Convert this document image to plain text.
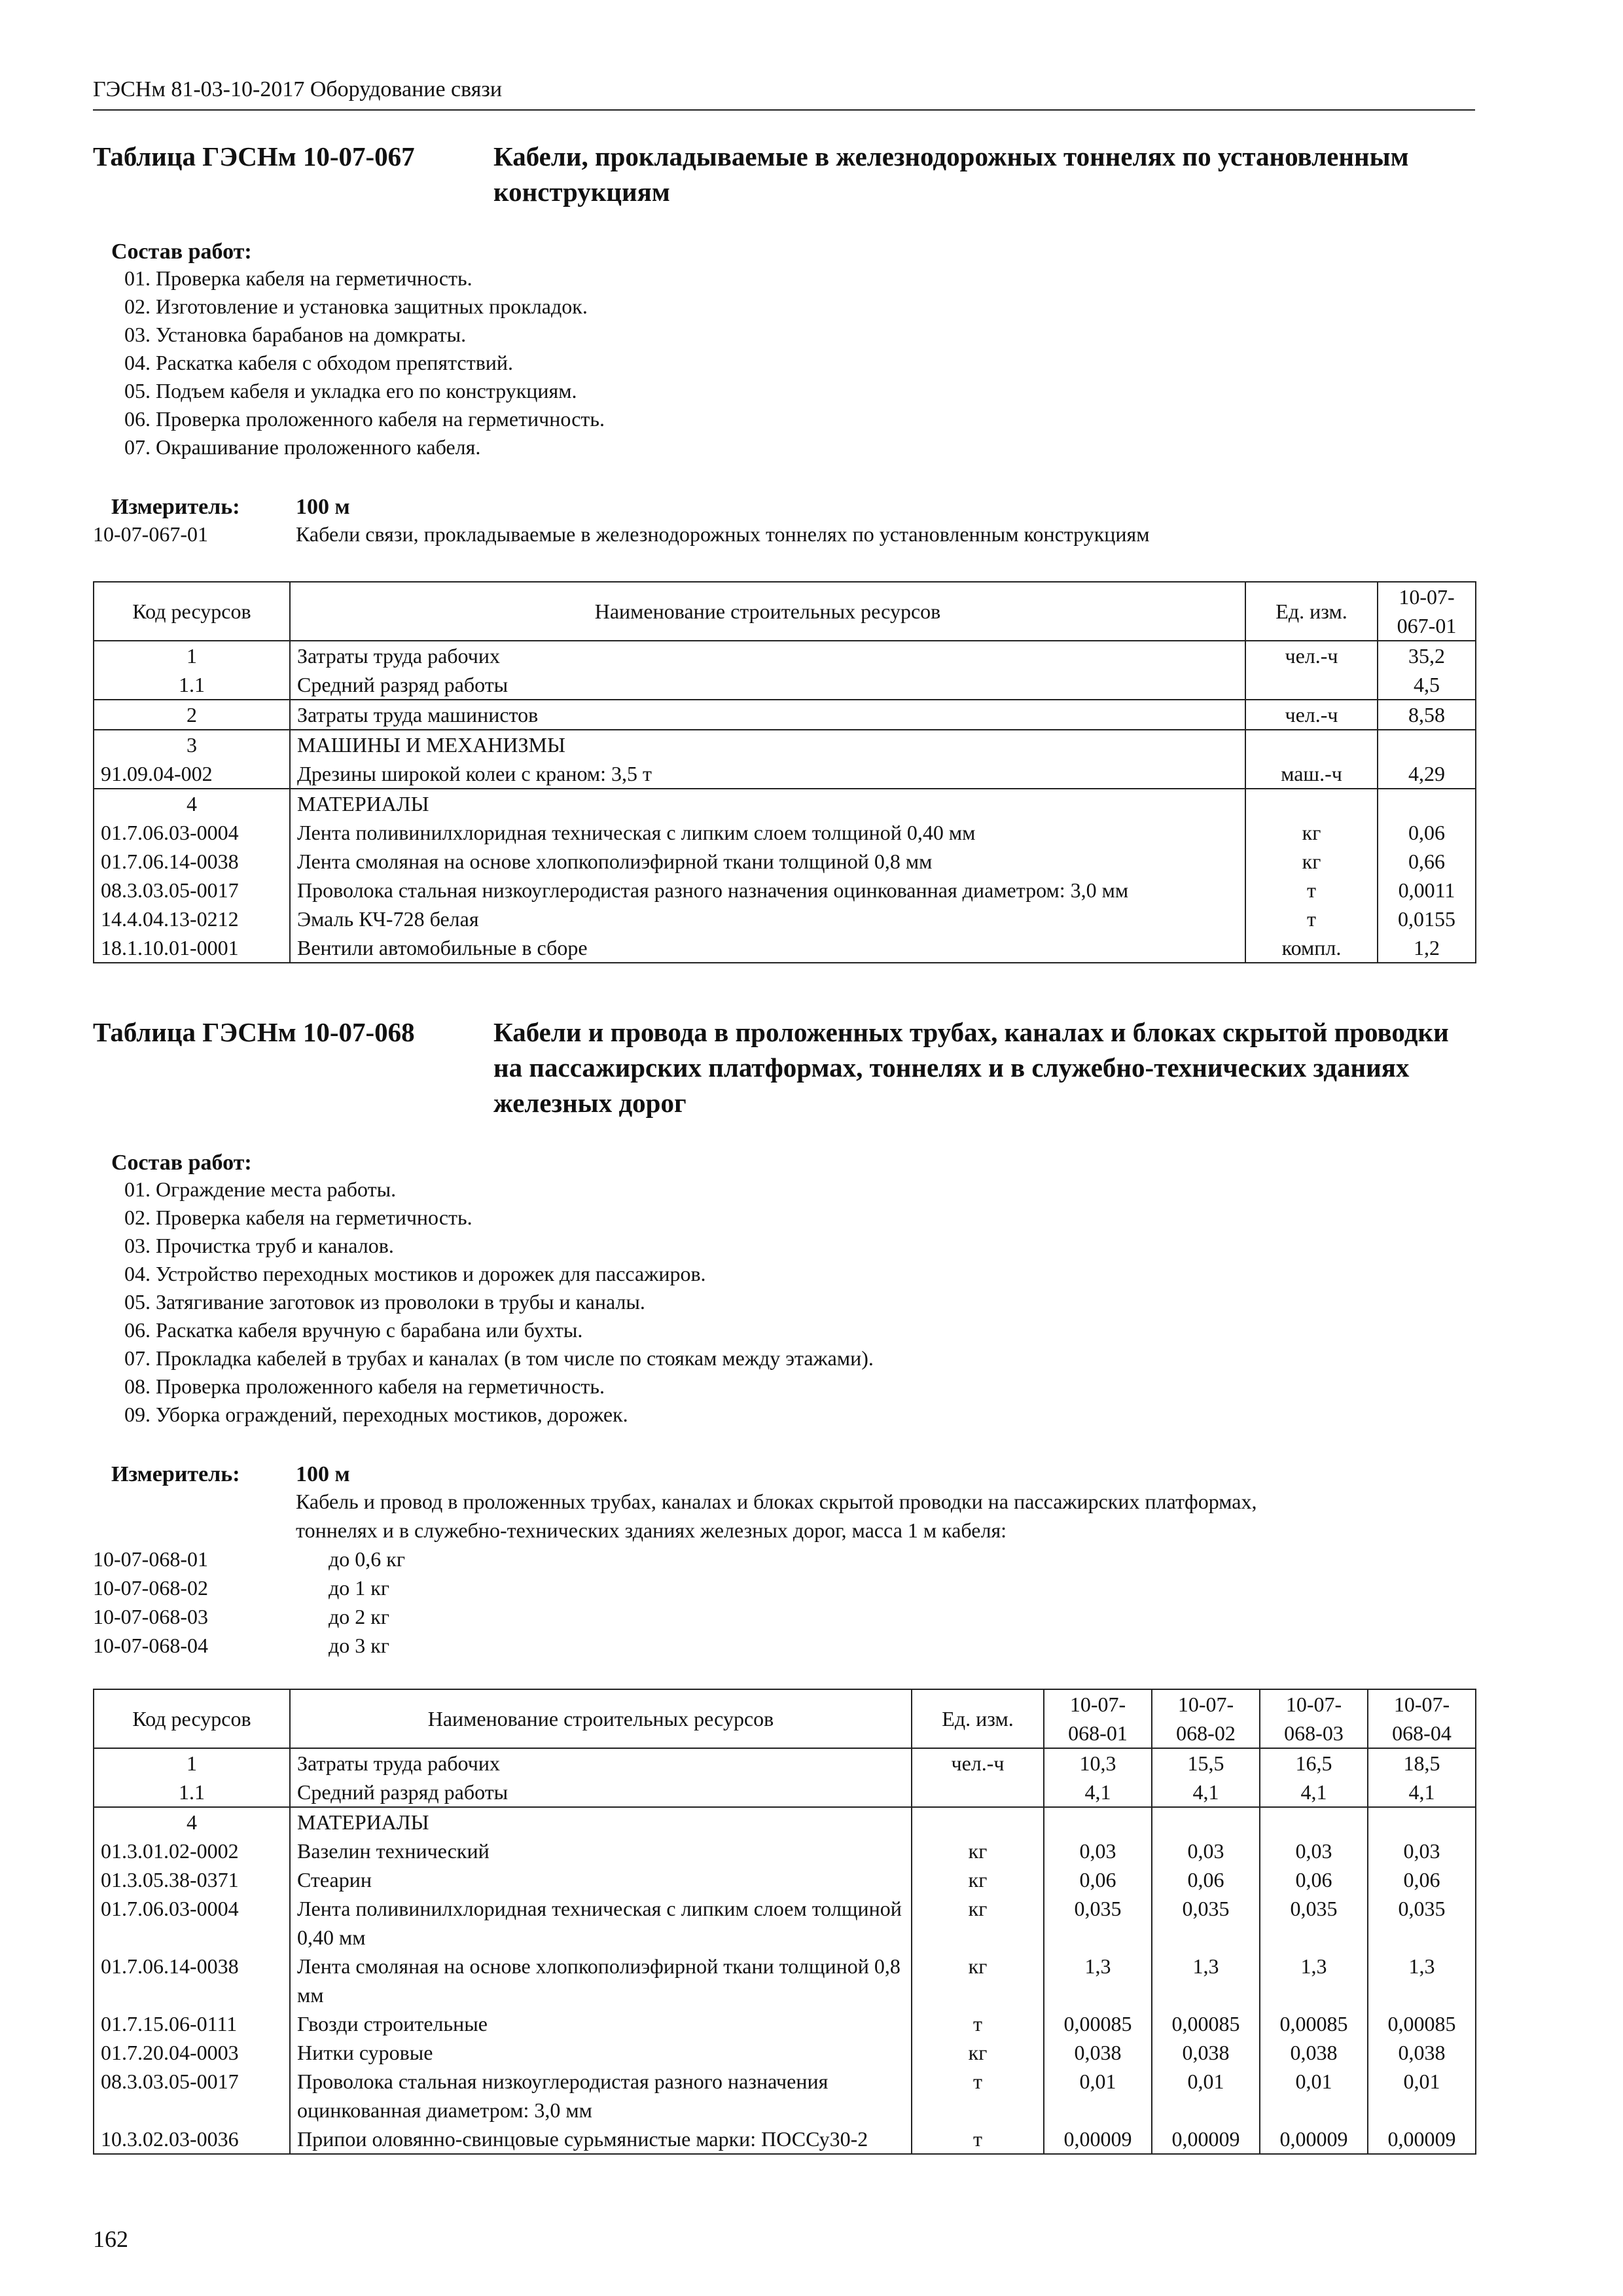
ГЭСНм 81-03-10-2017 Оборудование связи
Таблица ГЭСНм 10-07-067	Кабели, прокладываемые в железнодорожных тоннелях по установленным конструкциям
Состав работ:
01. Проверка кабеля на герметичность.
02. Изготовление и установка защитных прокладок.
03. Установка барабанов на домкраты.
04. Раскатка кабеля с обходом препятствий.
05. Подъем кабеля и укладка его по конструкциям.
06. Проверка проложенного кабеля на герметичность.
07. Окрашивание проложенного кабеля.
Измеритель:	100 м
10-07-067-01	Кабели связи, прокладываемые в железнодорожных тоннелях по установленным конструкциям
Код ресурсов	Наименование строительных ресурсов	Ед. изм.	10-07-067-01
1	Затраты труда рабочих	чел.-ч	35,2
1.1	Средний разряд работы		4,5
2	Затраты труда машинистов	чел.-ч	8,58
3	МАШИНЫ И МЕХАНИЗМЫ		
91.09.04-002	Дрезины широкой колеи с краном: 3,5 т	маш.-ч	4,29
4	МАТЕРИАЛЫ		
01.7.06.03-0004	Лента поливинилхлоридная техническая с липким слоем толщиной 0,40 мм	кг	0,06
01.7.06.14-0038	Лента смоляная на основе хлопкополиэфирной ткани толщиной 0,8 мм	кг	0,66
08.3.03.05-0017	Проволока стальная низкоуглеродистая разного назначения оцинкованная диаметром: 3,0 мм	т	0,0011
14.4.04.13-0212	Эмаль КЧ-728 белая	т	0,0155
18.1.10.01-0001	Вентили автомобильные в сборе	компл.	1,2
Таблица ГЭСНм 10-07-068	Кабели и провода в проложенных трубах, каналах и блоках скрытой проводки на пассажирских платформах, тоннелях и в служебно-технических зданиях железных дорог
Состав работ:
01. Ограждение места работы.
02. Проверка кабеля на герметичность.
03. Прочистка труб и каналов.
04. Устройство переходных мостиков и дорожек для пассажиров.
05. Затягивание заготовок из проволоки в трубы и каналы.
06. Раскатка кабеля вручную с барабана или бухты.
07. Прокладка кабелей в трубах и каналах (в том числе по стоякам между этажами).
08. Проверка проложенного кабеля на герметичность.
09. Уборка ограждений, переходных мостиков, дорожек.
Измеритель:	100 м
Кабель и провод в проложенных трубах, каналах и блоках скрытой проводки на пассажирских платформах,
тоннелях и в служебно-технических зданиях железных дорог, масса 1 м кабеля:
10-07-068-01	до 0,6 кг
10-07-068-02	до 1 кг
10-07-068-03	до 2 кг
10-07-068-04	до 3 кг
Код ресурсов	Наименование строительных ресурсов	Ед. изм.	10-07-068-01	10-07-068-02	10-07-068-03	10-07-068-04
1	Затраты труда рабочих	чел.-ч	10,3	15,5	16,5	18,5
1.1	Средний разряд работы		4,1	4,1	4,1	4,1
4	МАТЕРИАЛЫ					
01.3.01.02-0002	Вазелин технический	кг	0,03	0,03	0,03	0,03
01.3.05.38-0371	Стеарин	кг	0,06	0,06	0,06	0,06
01.7.06.03-0004	Лента поливинилхлоридная техническая с липким слоем толщиной 0,40 мм	кг	0,035	0,035	0,035	0,035
01.7.06.14-0038	Лента смоляная на основе хлопкополиэфирной ткани толщиной 0,8 мм	кг	1,3	1,3	1,3	1,3
01.7.15.06-0111	Гвозди строительные	т	0,00085	0,00085	0,00085	0,00085
01.7.20.04-0003	Нитки суровые	кг	0,038	0,038	0,038	0,038
08.3.03.05-0017	Проволока стальная низкоуглеродистая разного назначения оцинкованная диаметром: 3,0 мм	т	0,01	0,01	0,01	0,01
10.3.02.03-0036	Припои оловянно-свинцовые сурьмянистые марки: ПОССу30-2	т	0,00009	0,00009	0,00009	0,00009
162
